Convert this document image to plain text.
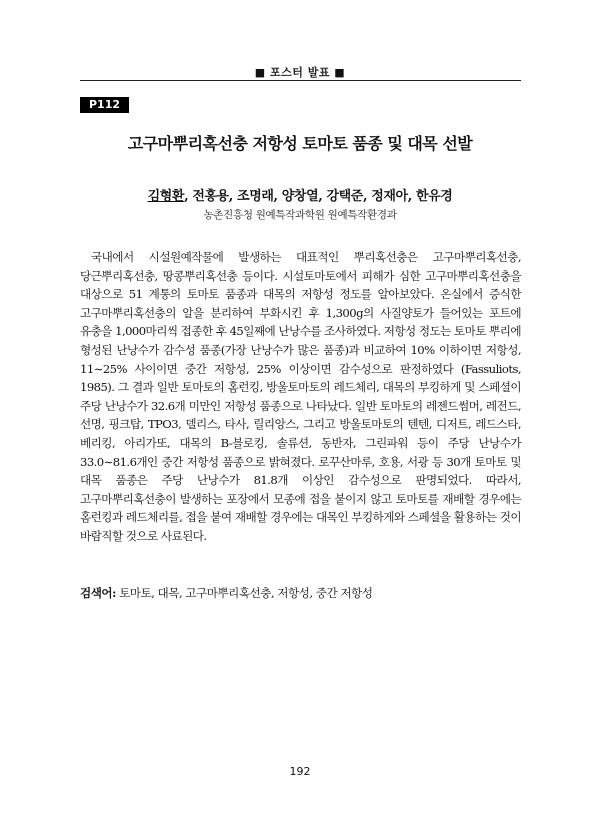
■ 포스터 발표 ■
P112
고구마뿌리혹선충 저항성 토마토 품종 및 대목 선발
김형환, 전홍용, 조명래, 양창열, 강택준, 정재아, 한유경
농촌진흥청 원예특작과학원 원예특작환경과

국내에서 시설원예작물에 발생하는 대표적인 뿌리혹선충은 고구마뿌리혹선충, 당근뿌리혹선충, 땅콩뿌리혹선충 등이다. 시설토마토에서 피해가 심한 고구마뿌리혹선충을 대상으로 51 계통의 토마토 품종과 대목의 저항성 정도를 알아보았다. 온실에서 증식한 고구마뿌리혹선충의 알을 분리하여 부화시킨 후 1,300g의 사질양토가 들어있는 포트에 유충을 1,000마리씩 접종한 후 45일째에 난낭수를 조사하였다. 저항성 정도는 토마토 뿌리에 형성된 난낭수가 감수성 품종(가장 난낭수가 많은 품종)과 비교하여 10% 이하이면 저항성, 11∼25% 사이이면 중간 저항성, 25% 이상이면 감수성으로 판정하였다 (Fassuliots, 1985). 그 결과 일반 토마토의 홈런킹, 방울토마토의 레드체리, 대목의 부킹하게 및 스페셜이 주당 난낭수가 32.6개 미만인 저항성 품종으로 나타났다. 일반 토마토의 레젠드썸머, 레전드, 선명, 핑크탑, TPO3, 델리스, 타사, 릴리앙스, 그리고 방울토마토의 텐텐, 디저트, 레드스타, 베리킹, 아리가또, 대목의 B-블로킹, 솔류션, 동반자, 그린파워 등이 주당 난낭수가 33.0∼81.6개인 중간 저항성 품종으로 밝혀졌다. 로꾸산마루, 호용, 서광 등 30개 토마토 및 대목 품종은 주당 난낭수가 81.8개 이상인 감수성으로 판명되었다. 따라서, 고구마뿌리혹선충이 발생하는 포장에서 모종에 접을 붙이지 않고 토마토를 재배할 경우에는 홈런킹과 레드체리를, 접을 붙여 재배할 경우에는 대목인 부킹하게와 스페셜을 활용하는 것이 바람직할 것으로 사료된다.

검색어: 토마토, 대목, 고구마뿌리혹선충, 저항성, 중간 저항성
192
